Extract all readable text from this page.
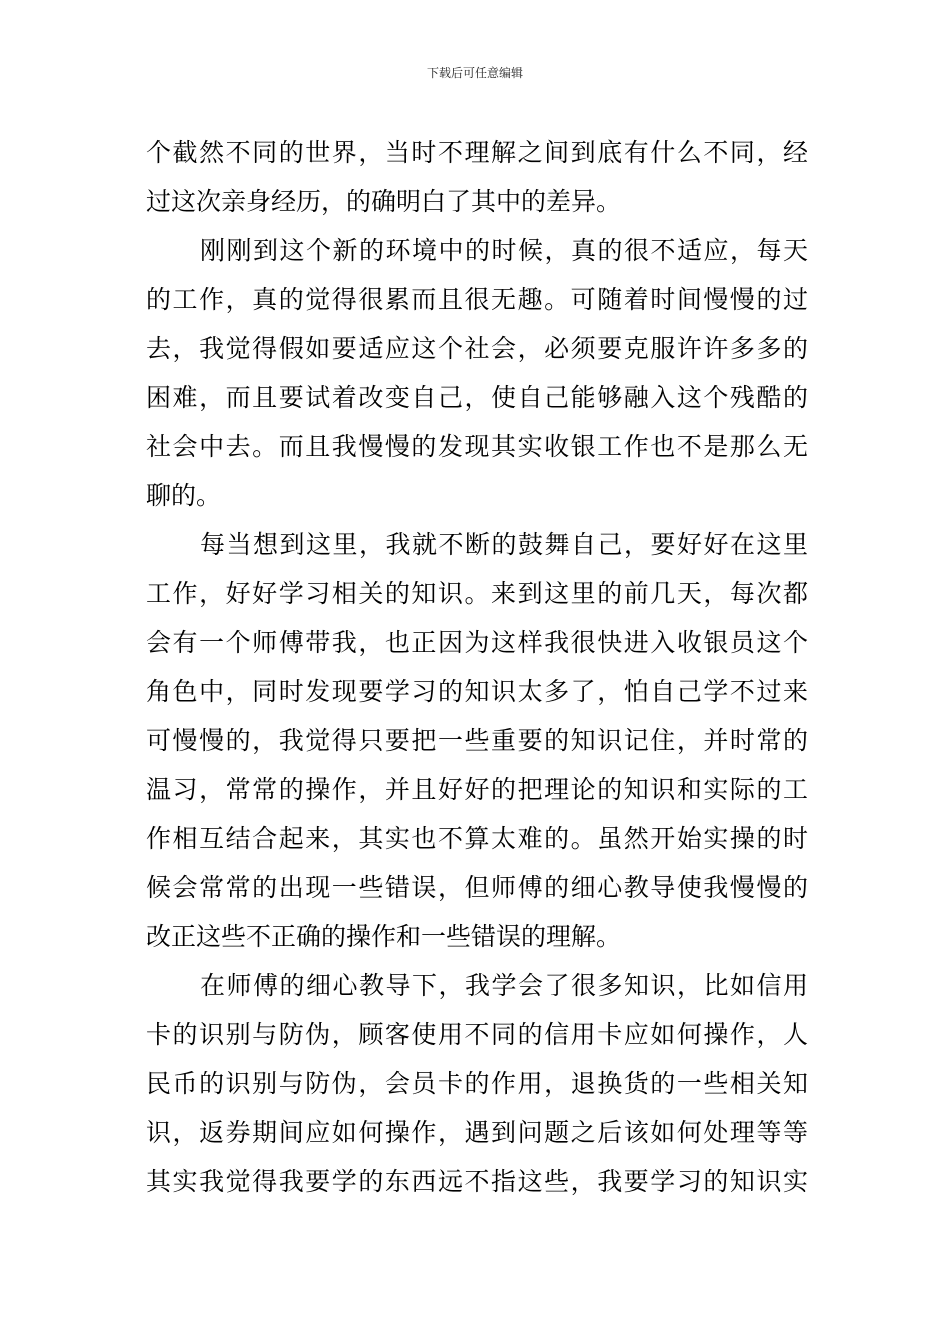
下载后可任意编辑
个截然不同的世界，当时不理解之间到底有什么不同，经
过这次亲身经历，的确明白了其中的差异。
刚刚到这个新的环境中的时候，真的很不适应，每天
的工作，真的觉得很累而且很无趣。可随着时间慢慢的过
去，我觉得假如要适应这个社会，必须要克服许许多多的
困难，而且要试着改变自己，使自己能够融入这个残酷的
社会中去。而且我慢慢的发现其实收银工作也不是那么无
聊的。
每当想到这里，我就不断的鼓舞自己，要好好在这里
工作，好好学习相关的知识。来到这里的前几天，每次都
会有一个师傅带我，也正因为这样我很快进入收银员这个
角色中，同时发现要学习的知识太多了，怕自己学不过来
可慢慢的，我觉得只要把一些重要的知识记住，并时常的
温习，常常的操作，并且好好的把理论的知识和实际的工
作相互结合起来，其实也不算太难的。虽然开始实操的时
候会常常的出现一些错误，但师傅的细心教导使我慢慢的
改正这些不正确的操作和一些错误的理解。
在师傅的细心教导下，我学会了很多知识，比如信用
卡的识别与防伪，顾客使用不同的信用卡应如何操作，人
民币的识别与防伪，会员卡的作用，退换货的一些相关知
识，返券期间应如何操作，遇到问题之后该如何处理等等
其实我觉得我要学的东西远不指这些，我要学习的知识实
